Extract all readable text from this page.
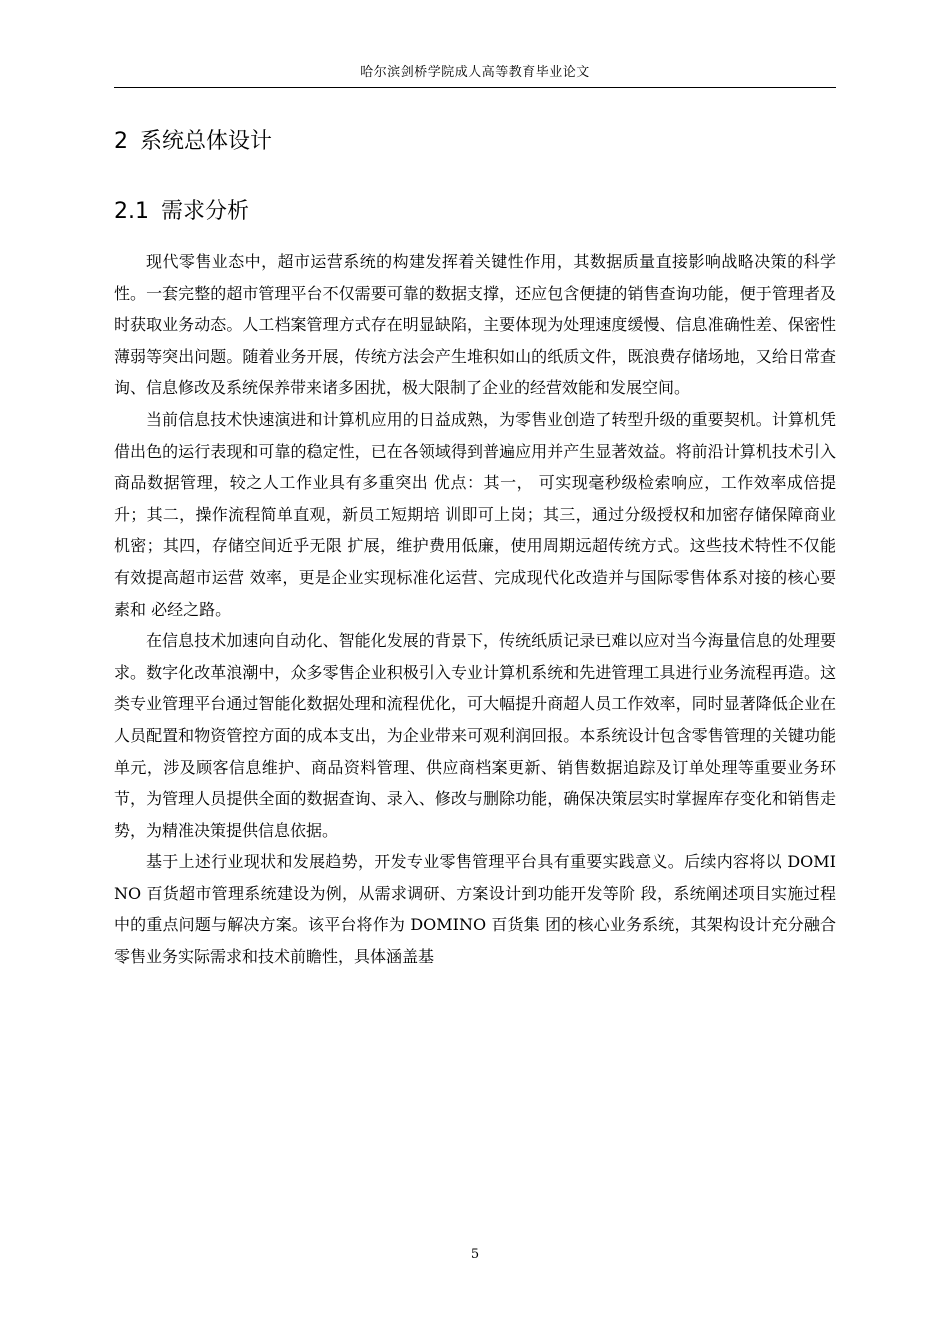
哈尔滨剑桥学院成人高等教育毕业论文
2 系统总体设计
2.1 需求分析

现代零售业态中，超市运营系统的构建发挥着关键性作用，其数据质量直接影响战略决策的科学性。一套完整的超市管理平台不仅需要可靠的数据支撑，还应包含便捷的销售查询功能，便于管理者及时获取业务动态。人工档案管理方式存在明显缺陷，主要体现为处理速度缓慢、信息准确性差、保密性薄弱等突出问题。随着业务开展，传统方法会产生堆积如山的纸质文件，既浪费存储场地，又给日常查询、信息修改及系统保养带来诸多困扰，极大限制了企业的经营效能和发展空间。

当前信息技术快速演进和计算机应用的日益成熟，为零售业创造了转型升级的重要契机。计算机凭借出色的运行表现和可靠的稳定性，已在各领域得到普遍应用并产生显著效益。将前沿计算机技术引入商品数据管理，较之人工作业具有多重突出 优点：其一， 可实现毫秒级检索响应，工作效率成倍提升；其二，操作流程简单直观，新员工短期培 训即可上岗；其三，通过分级授权和加密存储保障商业机密；其四，存储空间近乎无限 扩展，维护费用低廉，使用周期远超传统方式。这些技术特性不仅能有效提高超市运营 效率，更是企业实现标准化运营、完成现代化改造并与国际零售体系对接的核心要素和 必经之路。

在信息技术加速向自动化、智能化发展的背景下，传统纸质记录已难以应对当今海量信息的处理要求。数字化改革浪潮中，众多零售企业积极引入专业计算机系统和先进管理工具进行业务流程再造。这类专业管理平台通过智能化数据处理和流程优化，可大幅提升商超人员工作效率，同时显著降低企业在人员配置和物资管控方面的成本支出，为企业带来可观利润回报。本系统设计包含零售管理的关键功能单元，涉及顾客信息维护、商品资料管理、供应商档案更新、销售数据追踪及订单处理等重要业务环节，为管理人员提供全面的数据查询、录入、修改与删除功能，确保决策层实时掌握库存变化和销售走势，为精准决策提供信息依据。

基于上述行业现状和发展趋势，开发专业零售管理平台具有重要实践意义。后续内容将以 DOMINO 百货超市管理系统建设为例，从需求调研、方案设计到功能开发等阶 段，系统阐述项目实施过程中的重点问题与解决方案。该平台将作为 DOMINO 百货集 团的核心业务系统，其架构设计充分融合零售业务实际需求和技术前瞻性，具体涵盖基

5
